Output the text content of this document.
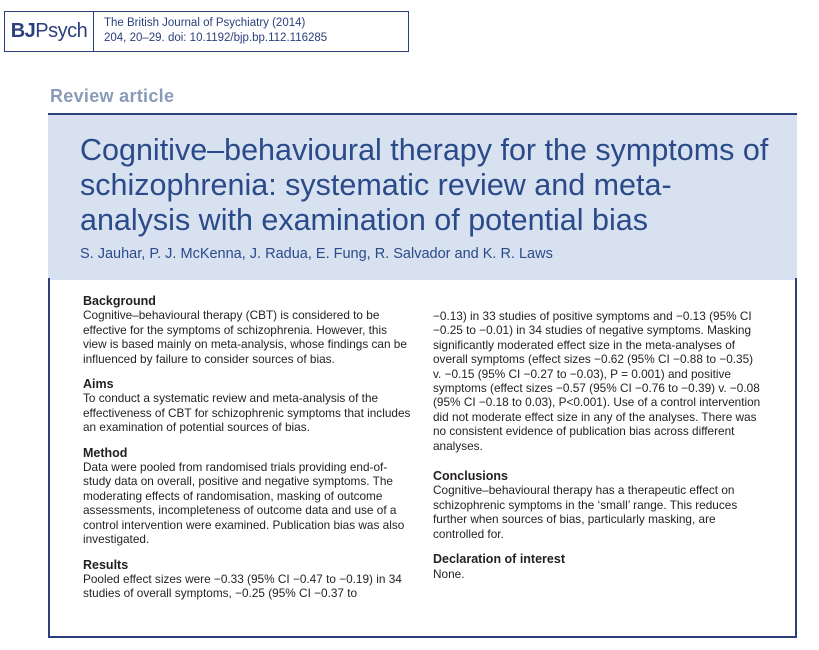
BJ Psych The British Journal of Psychiatry (2014)
204, 20–29. doi: 10.1192/bjp.bp.112.116285
Review article
Cognitive–behavioural therapy for the symptoms of schizophrenia: systematic review and meta-analysis with examination of potential bias

S. Jauhar, P. J. McKenna, J. Radua, E. Fung, R. Salvador and K. R. Laws

Background

Cognitive–behavioural therapy (CBT) is considered to be effective for the symptoms of schizophrenia. However, this view is based mainly on meta-analysis, whose findings can be influenced by failure to consider sources of bias.

Aims

To conduct a systematic review and meta-analysis of the effectiveness of CBT for schizophrenic symptoms that includes an examination of potential sources of bias.

Method

Data were pooled from randomised trials providing end-of-study data on overall, positive and negative symptoms. The moderating effects of randomisation, masking of outcome assessments, incompleteness of outcome data and use of a control intervention were examined. Publication bias was also investigated.

Results

Pooled effect sizes were −0.33 (95% CI −0.47 to −0.19) in 34 studies of overall symptoms, −0.25 (95% CI −0.37 to

−0.13) in 33 studies of positive symptoms and −0.13 (95% CI −0.25 to −0.01) in 34 studies of negative symptoms. Masking significantly moderated effect size in the meta-analyses of overall symptoms (effect sizes −0.62 (95% CI −0.88 to −0.35) v. −0.15 (95% CI −0.27 to −0.03), P = 0.001) and positive symptoms (effect sizes −0.57 (95% CI −0.76 to −0.39) v. −0.08 (95% CI −0.18 to 0.03), P<0.001). Use of a control intervention did not moderate effect size in any of the analyses. There was no consistent evidence of publication bias across different analyses.

Conclusions

Cognitive–behavioural therapy has a therapeutic effect on schizophrenic symptoms in the ‘small’ range. This reduces further when sources of bias, particularly masking, are controlled for.

Declaration of interest

None.
